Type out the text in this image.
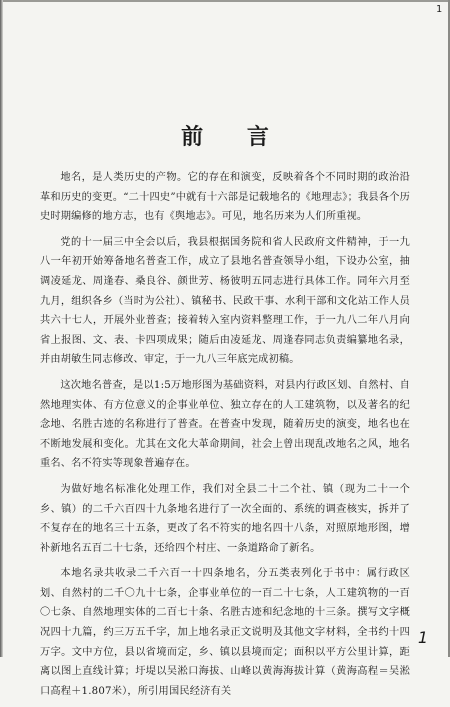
1
前 言

地名，是人类历史的产物。它的存在和演变，反映着各个不同时期的政治沿革和历史的变更。“二十四史”中就有十六部是记载地名的《地理志》；我县各个历史时期编修的地方志，也有《舆地志》。可见，地名历来为人们所重视。

党的十一届三中全会以后，我县根据国务院和省人民政府文件精神，于一九八一年初开始筹备地名普查工作，成立了县地名普查领导小组，下设办公室，抽调凌延龙、周逢春、桑良谷、颜世芳、杨彼明五同志进行具体工作。同年六月至九月，组织各乡（当时为公社）、镇秘书、民政干事、水利干部和文化站工作人员共六十七人，开展外业普查；接着转入室内资料整理工作，于一九八二年八月向省上报图、文、表、卡四项成果；随后由凌延龙、周逢春同志负责编纂地名录，并由胡敏生同志修改、审定，于一九八三年底完成初稿。

这次地名普查，是以1:5万地形图为基础资料，对县内行政区划、自然村、自然地理实体、有方位意义的企事业单位、独立存在的人工建筑物，以及著名的纪念地、名胜古迹的名称进行了普查。在普查中发现，随着历史的演变，地名也在不断地发展和变化。尤其在文化大革命期间，社会上曾出现乱改地名之风，地名重名、名不符实等现象普遍存在。

为做好地名标准化处理工作，我们对全县二十二个社、镇（现为二十一个乡、镇）的二千六百四十九条地名进行了一次全面的、系统的调查核实，拆并了不复存在的地名三十五条，更改了名不符实的地名四十八条，对照原地形图，增补新地名五百二十七条，还给四个村庄、一条道路命了新名。

本地名录共收录二千六百一十四条地名，分五类表列化于书中：属行政区划、自然村的二千〇九十七条，企事业单位的一百二十七条，人工建筑物的一百〇七条、自然地理实体的二百七十条、名胜古迹和纪念地的十三条。撰写文字概况四十九篇，约三万五千字，加上地名录正文说明及其他文字材料，全书约十四万字。文中方位，县以省境而定，乡、镇以县境而定；面积以平方公里计算，距离以图上直线计算；圩堤以吴淞口海拔、山峰以黄海海拔计算（黄海高程＝吴淞口高程＋1.807米），所引用国民经济有关

1
